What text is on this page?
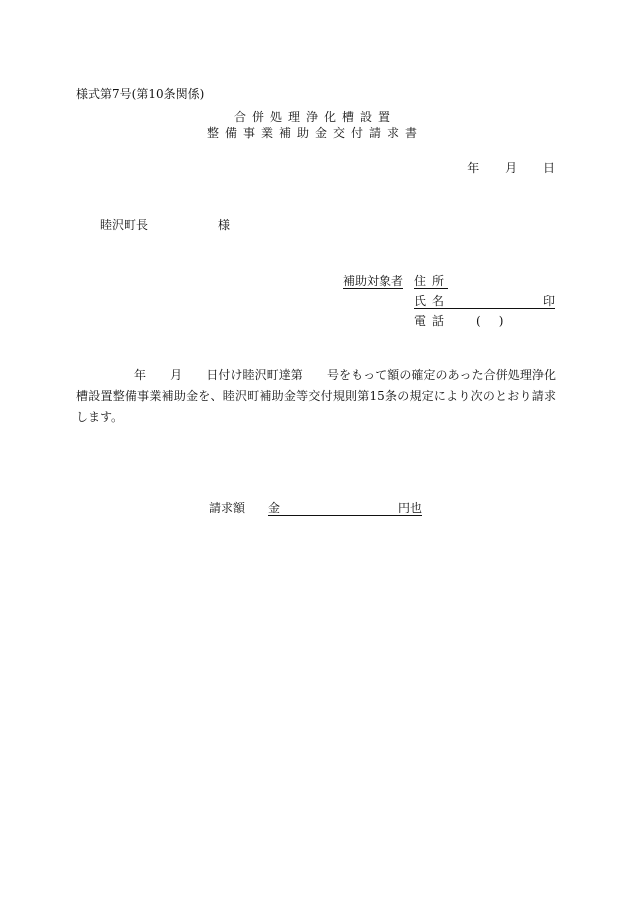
様式第7号(第10条関係)
合併処理浄化槽設置
整備事業補助金交付請求書
年 月 日
睦沢町長	様
補助対象者 住所
氏名	印
電話 ()
年　　月　　日付け睦沢町達第　　号をもって額の確定のあった合併処理浄化槽設置整備事業補助金を、睦沢町補助金等交付規則第15条の規定により次のとおり請求します。
請求額 金	円也
